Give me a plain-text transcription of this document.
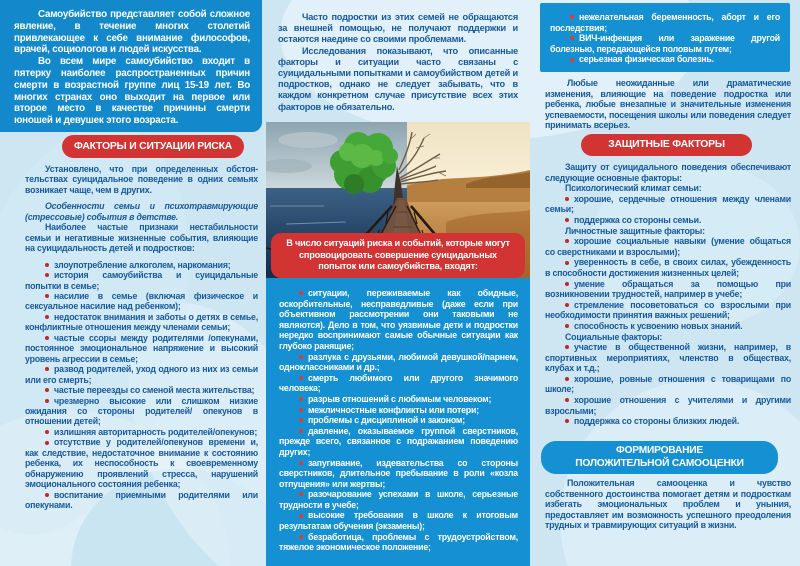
Самоубийство представляет собой сложное явление, в течение многих столетий привлекающее к себе внимание философов, врачей, социологов и людей искусства.

Во всем мире самоубийство входит в пятерку наиболее распространенных причин смерти в возрастной группе лиц 15-19 лет. Во многих странах оно выходит на первое или второе место в качестве причины смерти юношей и девушек этого возраста.

ФАКТОРЫ И СИТУАЦИИ РИСКА

Установлено, что при определенных обстоя-тельствах суицидальное поведение в одних семьях возникает чаще, чем в других.

Особенности семьи и психотравмирующие (стрессовые) события в детстве.

Наиболее частые признаки нестабильности семьи и негативные жизненные события, влияющие на суицидальность детей и подростков:

злоупотребление алкоголем, наркомания;

история самоубийства и суицидальные попытки в семье;

насилие в семье (включая физическое и сексуальное насилие над ребенком);

недостаток внимания и заботы о детях в семье, конфликтные отношения между членами семьи;

частые ссоры между родителями /опекунами, постоянное эмоциональное напряжение и высокий уровень агрессии в семье;

развод родителей, уход одного из них из семьи или его смерть;

частые переезды со сменой места жительства;

чрезмерно высокие или слишком низкие ожидания со стороны родителей/ опекунов в отношении детей;

излишняя авторитарность родителей/опекунов;

отсутствие у родителей/опекунов времени и, как следствие, недостаточное внимание к состоянию ребенка, их неспособность к своевременному обнаружению проявлений стресса, нарушений эмоционального состояния ребенка;

воспитание приемными родителями или опекунами.

Часто подростки из этих семей не обращаются за внешней помощью, не получают поддержки и остаются наедине со своими проблемами.

Исследования показывают, что описанные факторы и ситуации часто связаны с суицидальными попытками и самоубийством детей и подростков, однако не следует забывать, что в каждом конкретном случае присутствие всех этих факторов не обязательно.

В число ситуаций риска и событий, которые могут спровоцировать совершение суицидальных попыток или самоубийства, входят:

ситуации, переживаемые как обидные, оскорбительные, несправедливые (даже если при объективном рассмотрении они таковыми не являются). Дело в том, что уязвимые дети и подростки нередко воспринимают самые обычные ситуации как глубоко ранящие;

разлука с друзьями, любимой девушкой/парнем, одноклассниками и др.;

смерть любимого или другого значимого человека;

разрыв отношений с любимым человеком;

межличностные конфликты или потери;

проблемы с дисциплиной и законом;

давление, оказываемое группой сверстников, прежде всего, связанное с подражанием поведению других;

запугивание, издевательства со стороны сверстников, длительное пребывание в роли «козла отпущения» или жертвы;

разочарование успехами в школе, серьезные трудности в учебе;

высокие требования в школе к итоговым результатам обучения (экзамены);

безработица, проблемы с трудоустройством, тяжелое экономическое положение;

нежелательная беременность, аборт и его последствия;

ВИЧ-инфекция или заражение другой болезнью, передающейся половым путем;

серьезная физическая болезнь.

Любые неожиданные или драматические изменения, влияющие на поведение подростка или ребенка, любые внезапные и значительные изменения успеваемости, посещения школы или поведения следует принимать всерьез.

ЗАЩИТНЫЕ ФАКТОРЫ

Защиту от суицидального поведения обеспечивают следующие основные факторы:

Психологический климат семьи:

хорошие, сердечные отношения между членами семьи;

поддержка со стороны семьи.

Личностные защитные факторы:

хорошие социальные навыки (умение общаться со сверстниками и взрослыми);

уверенность в себе, в своих силах, убежденность в способности достижения жизненных целей;

умение обращаться за помощью при возникновении трудностей, например в учебе;

стремление посоветоваться со взрослыми при необходимости принятия важных решений;

способность к усвоению новых знаний.

Социальные факторы:

участие в общественной жизни, например, в спортивных мероприятиях, членство в обществах, клубах и т.д.;

хорошие, ровные отношения с товарищами по школе;

хорошие отношения с учителями и другими взрослыми;

поддержка со стороны близких людей.

ФОРМИРОВАНИЕ
ПОЛОЖИТЕЛЬНОЙ САМООЦЕНКИ

Положительная самооценка и чувство собственного достоинства помогает детям и подросткам избегать эмоциональных проблем и уныния, предоставляет им возможность успешного преодоления трудных и травмирующих ситуаций в жизни.
